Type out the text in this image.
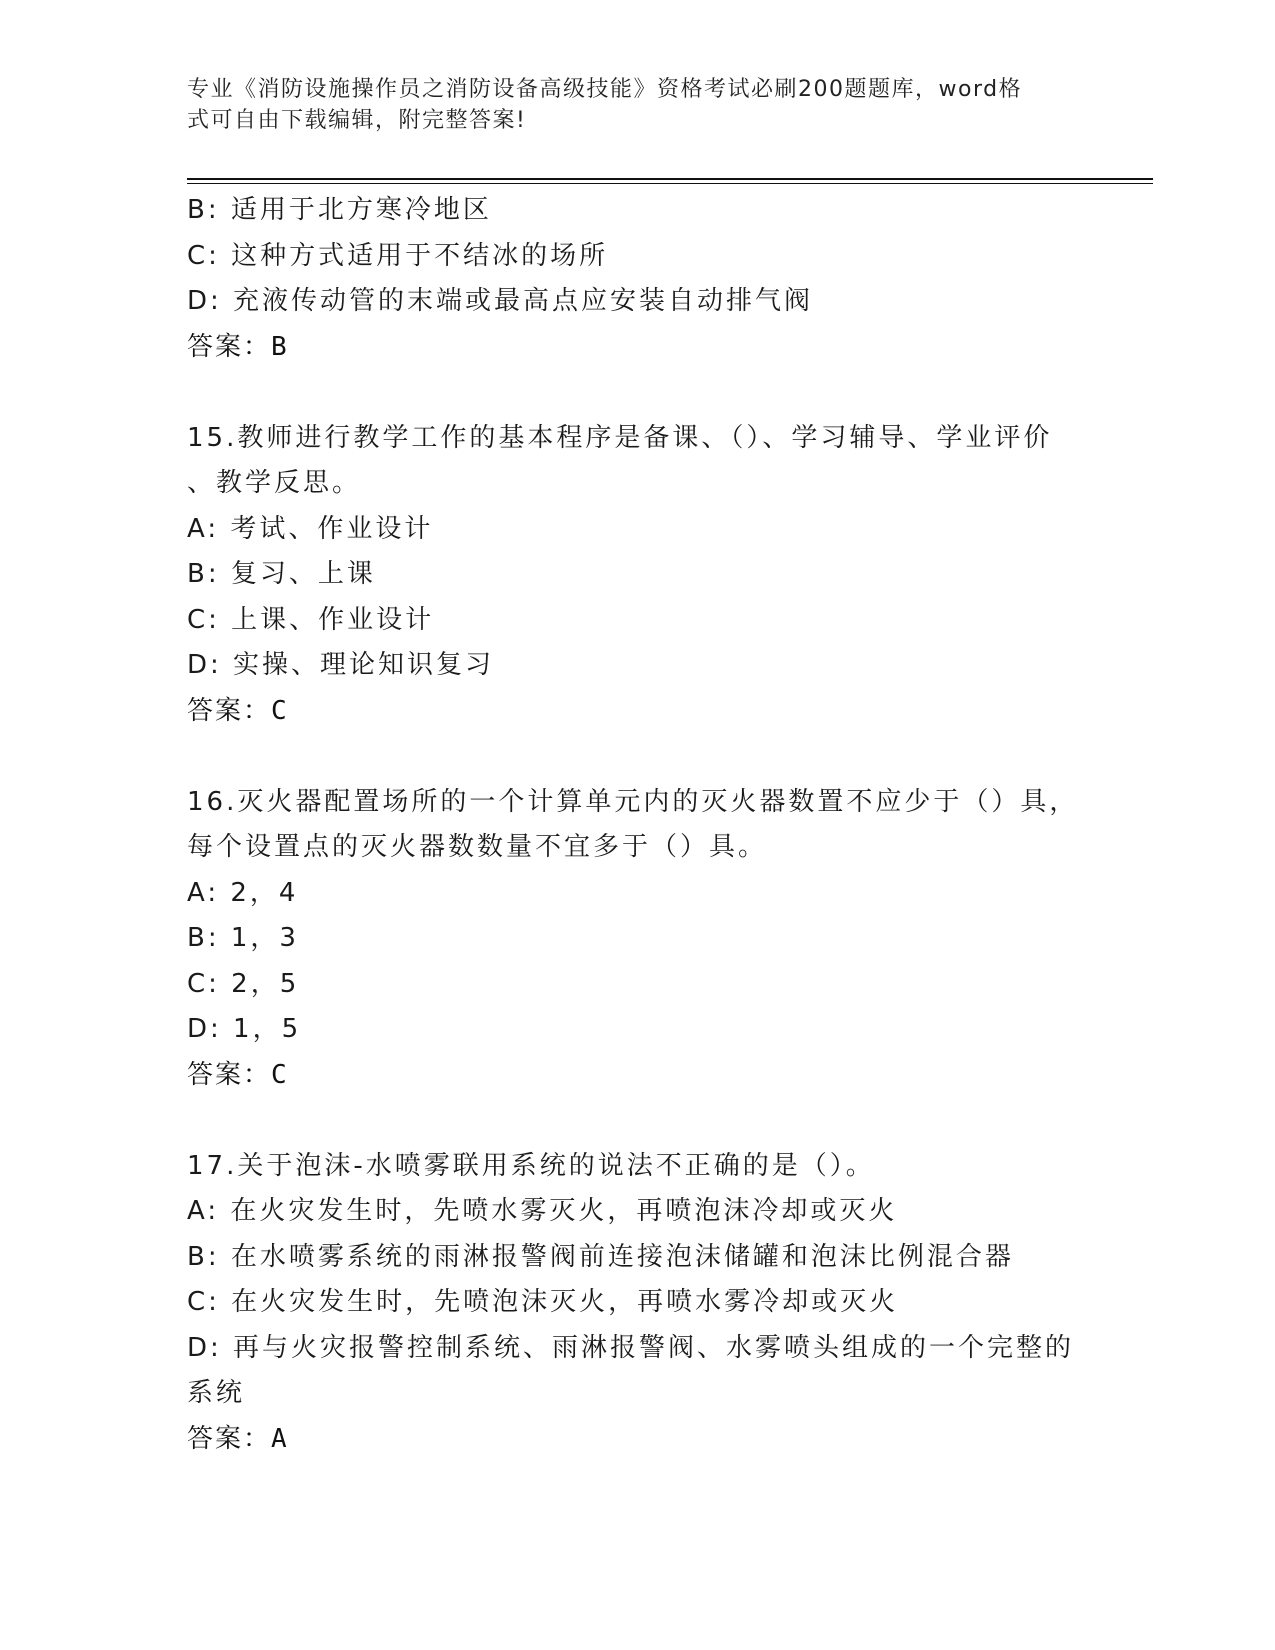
专业《消防设施操作员之消防设备高级技能》资格考试必刷200题题库，word格
式可自由下载编辑，附完整答案!
B: 适用于北方寒冷地区
C: 这种方式适用于不结冰的场所
D: 充液传动管的末端或最高点应安装自动排气阀
答案：B
15.教师进行教学工作的基本程序是备课、（）、学习辅导、学业评价
、教学反思。
A: 考试、作业设计
B: 复习、上课
C: 上课、作业设计
D: 实操、理论知识复习
答案：C
16.灭火器配置场所的一个计算单元内的灭火器数置不应少于（）具，
每个设置点的灭火器数数量不宜多于（）具。
A: 2，4
B: 1，3
C: 2，5
D: 1，5
答案：C
17.关于泡沫-水喷雾联用系统的说法不正确的是（）。
A: 在火灾发生时，先喷水雾灭火，再喷泡沫冷却或灭火
B: 在水喷雾系统的雨淋报警阀前连接泡沫储罐和泡沫比例混合器
C: 在火灾发生时，先喷泡沫灭火，再喷水雾冷却或灭火
D: 再与火灾报警控制系统、雨淋报警阀、水雾喷头组成的一个完整的
系统
答案：A
